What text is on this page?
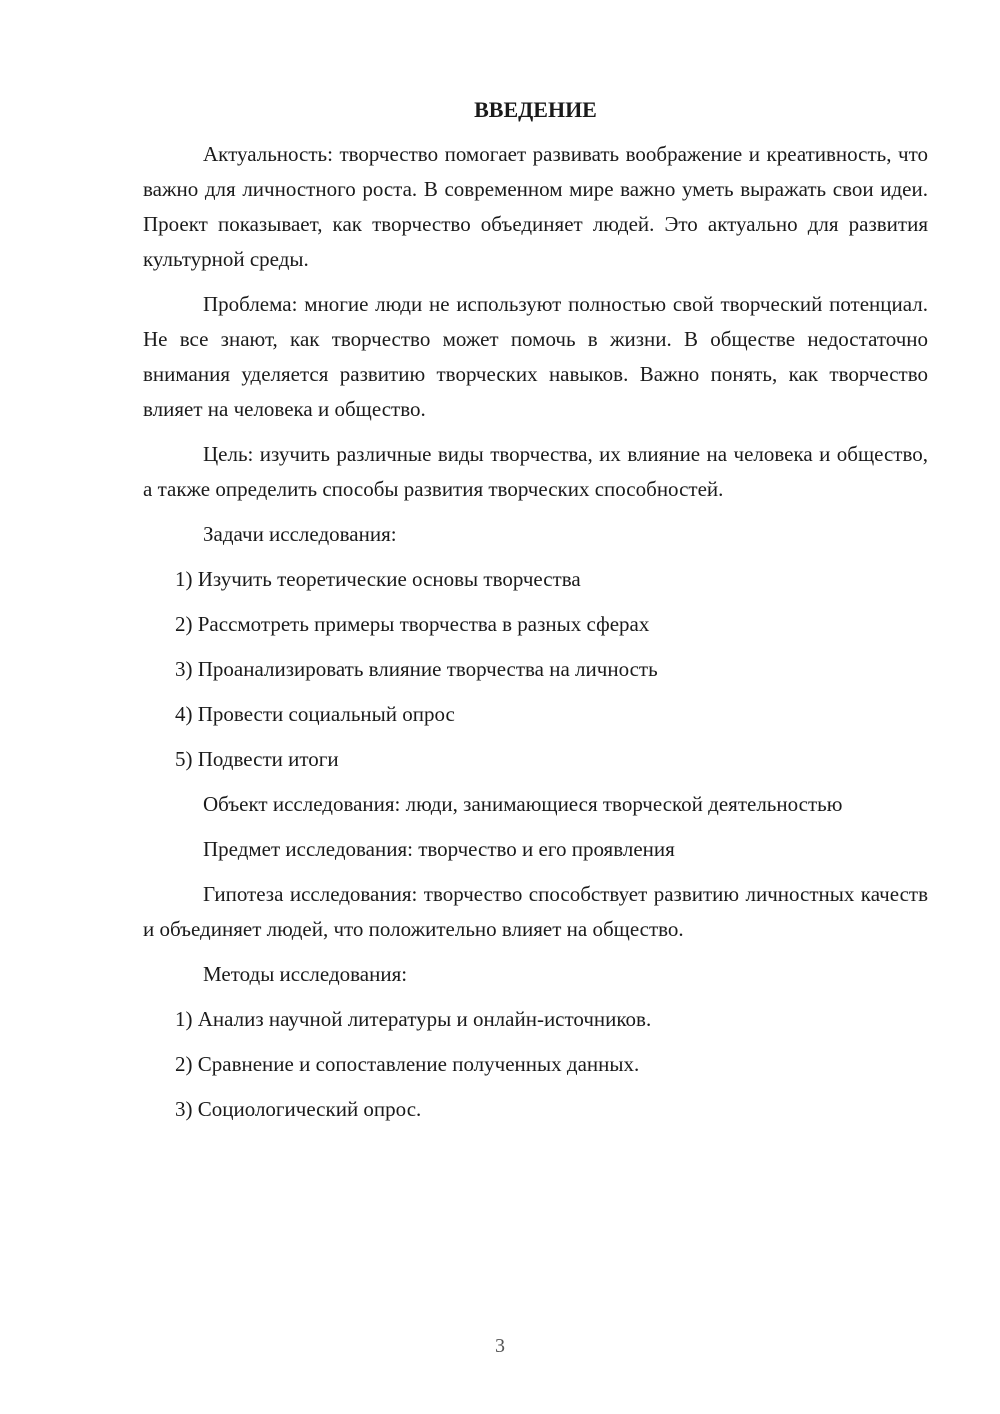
ВВЕДЕНИЕ

Актуальность: творчество помогает развивать воображение и креативность, что важно для личностного роста. В современном мире важно уметь выражать свои идеи. Проект показывает, как творчество объединяет людей. Это актуально для развития культурной среды.

Проблема: многие люди не используют полностью свой творческий потенциал. Не все знают, как творчество может помочь в жизни. В обществе недостаточно внимания уделяется развитию творческих навыков. Важно понять, как творчество влияет на человека и общество.

Цель: изучить различные виды творчества, их влияние на человека и общество, а также определить способы развития творческих способностей.

Задачи исследования:

1) Изучить теоретические основы творчества
2) Рассмотреть примеры творчества в разных сферах
3) Проанализировать влияние творчества на личность
4) Провести социальный опрос
5) Подвести итоги

Объект исследования: люди, занимающиеся творческой деятельностью

Предмет исследования: творчество и его проявления

Гипотеза исследования: творчество способствует развитию личностных качеств и объединяет людей, что положительно влияет на общество.

Методы исследования:

1) Анализ научной литературы и онлайн-источников.
2) Сравнение и сопоставление полученных данных.
3) Социологический опрос.
3
